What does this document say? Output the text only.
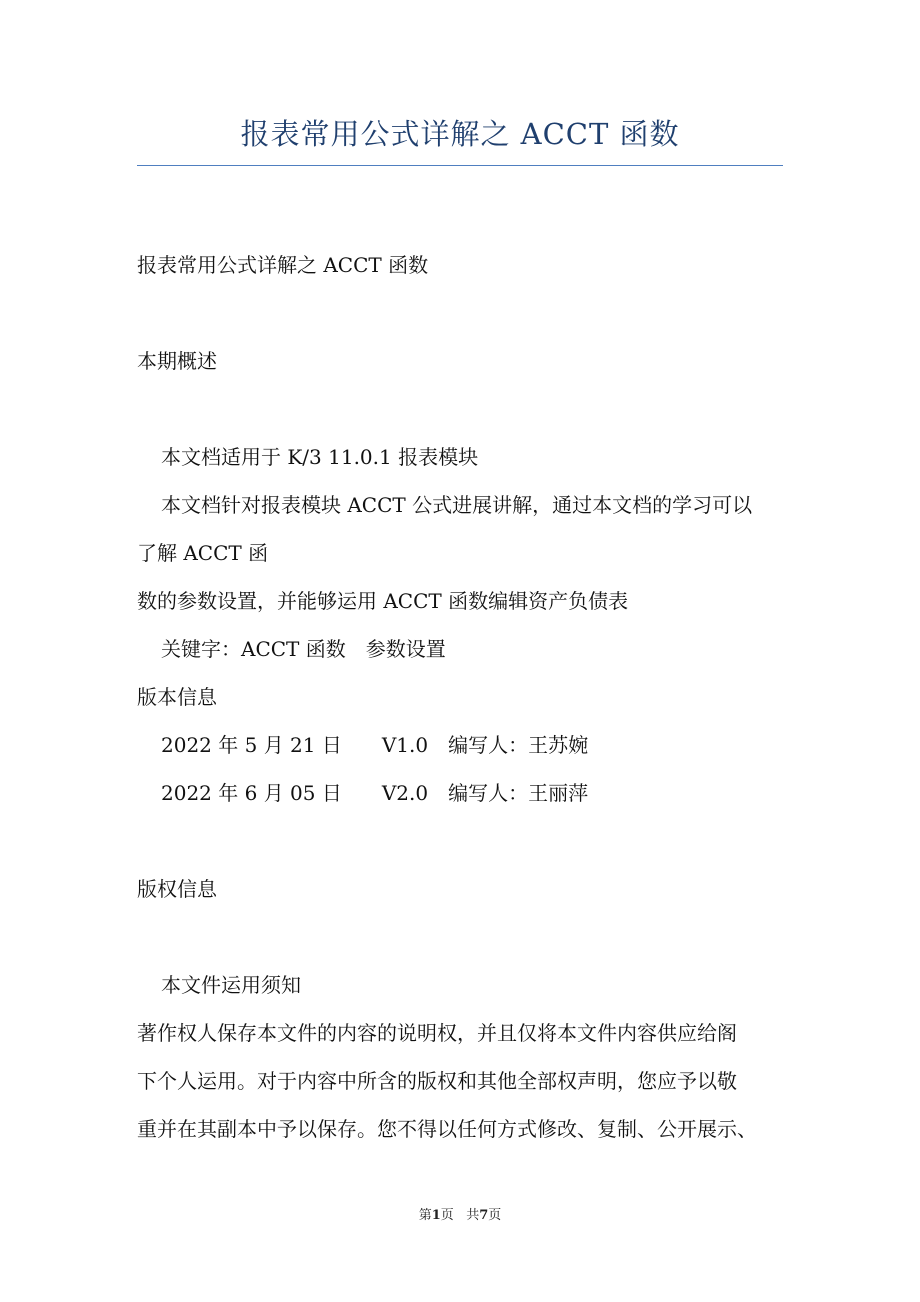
报表常用公式详解之 ACCT 函数
报表常用公式详解之 ACCT 函数
本期概述
本文档适用于 K/3 11.0.1 报表模块
本文档针对报表模块 ACCT 公式进展讲解，通过本文档的学习可以
了解 ACCT 函
数的参数设置，并能够运用 ACCT 函数编辑资产负债表
关键字：ACCT 函数 参数设置
版本信息
2022 年 5 月 21 日 V1.0 编写人：王苏婉
2022 年 6 月 05 日 V2.0 编写人：王丽萍
版权信息
本文件运用须知
著作权人保存本文件的内容的说明权，并且仅将本文件内容供应给阁
下个人运用。对于内容中所含的版权和其他全部权声明，您应予以敬
重并在其副本中予以保存。您不得以任何方式修改、复制、公开展示、
第1页   共7页
